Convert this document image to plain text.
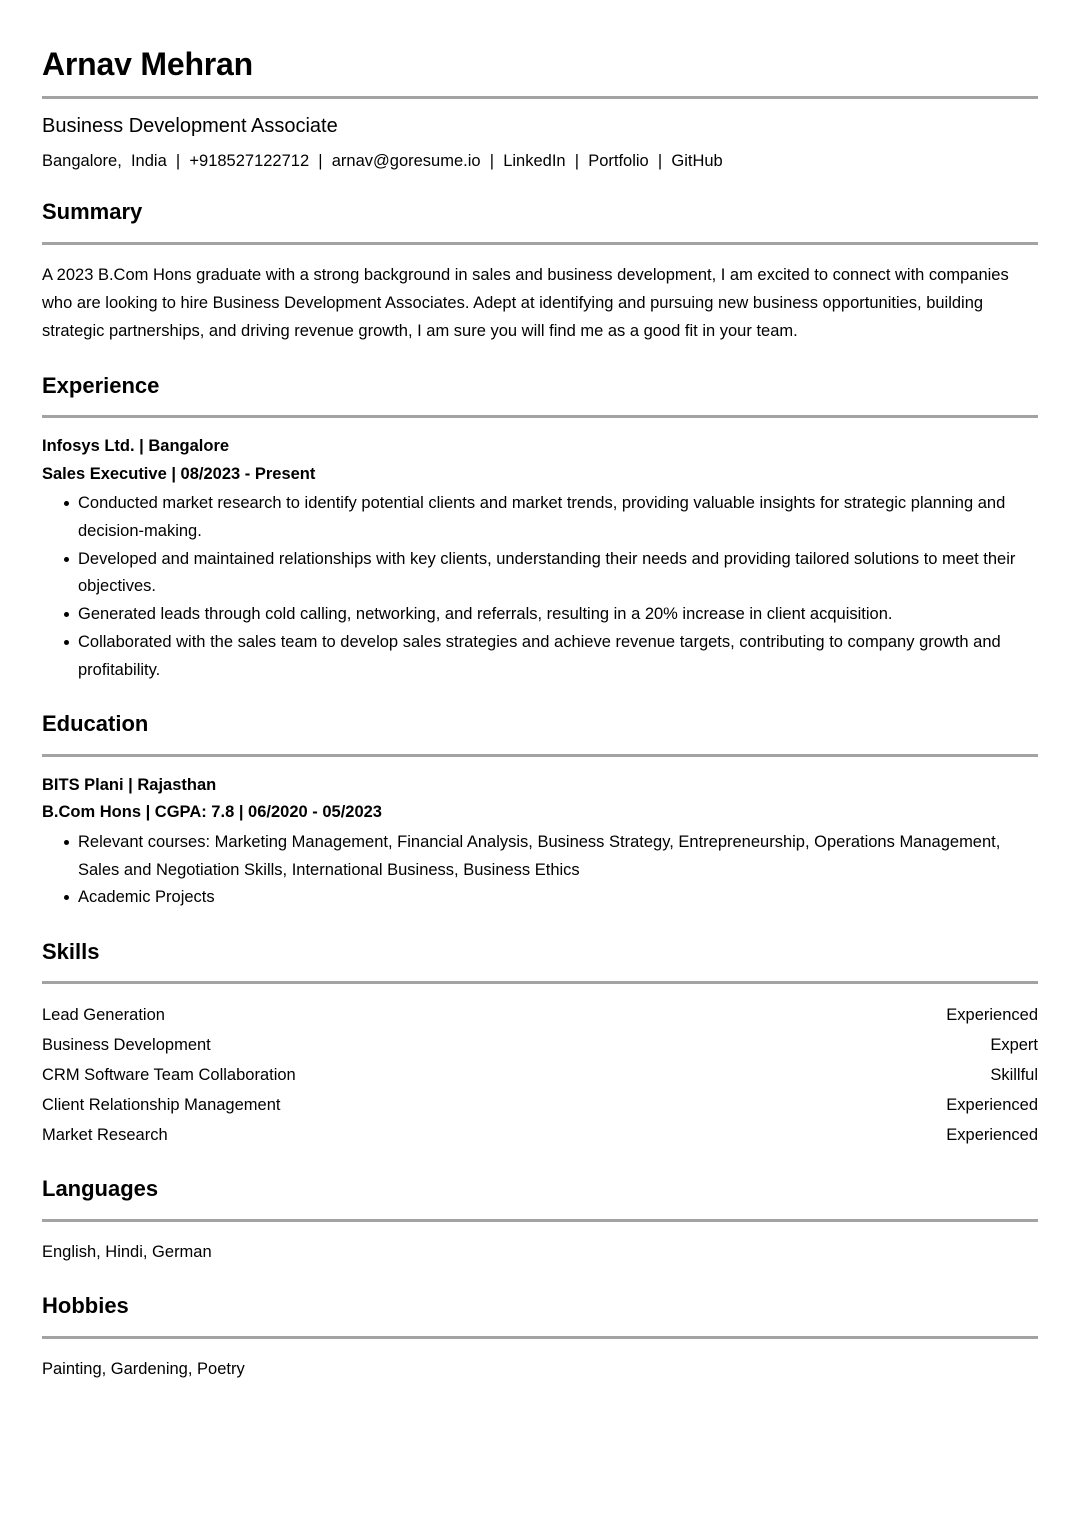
Arnav Mehran
Business Development Associate
Bangalore,  India  |  +918527122712  |  arnav@goresume.io  |  LinkedIn  |  Portfolio  |  GitHub
Summary
A 2023 B.Com Hons graduate with a strong background in sales and business development, I am excited to connect with companies who are looking to hire Business Development Associates. Adept at identifying and pursuing new business opportunities, building strategic partnerships, and driving revenue growth, I am sure you will find me as a good fit in your team.
Experience
Infosys Ltd. | Bangalore
Sales Executive | 08/2023 - Present
Conducted market research to identify potential clients and market trends, providing valuable insights for strategic planning and decision-making.
Developed and maintained relationships with key clients, understanding their needs and providing tailored solutions to meet their objectives.
Generated leads through cold calling, networking, and referrals, resulting in a 20% increase in client acquisition.
Collaborated with the sales team to develop sales strategies and achieve revenue targets, contributing to company growth and profitability.
Education
BITS Plani | Rajasthan
B.Com Hons | CGPA: 7.8 | 06/2020 - 05/2023
Relevant courses: Marketing Management, Financial Analysis, Business Strategy, Entrepreneurship, Operations Management, Sales and Negotiation Skills, International Business, Business Ethics
Academic Projects
Skills
Lead Generation	Experienced
Business Development	Expert
CRM Software Team Collaboration	Skillful
Client Relationship Management	Experienced
Market Research	Experienced
Languages
English, Hindi, German
Hobbies
Painting, Gardening, Poetry
